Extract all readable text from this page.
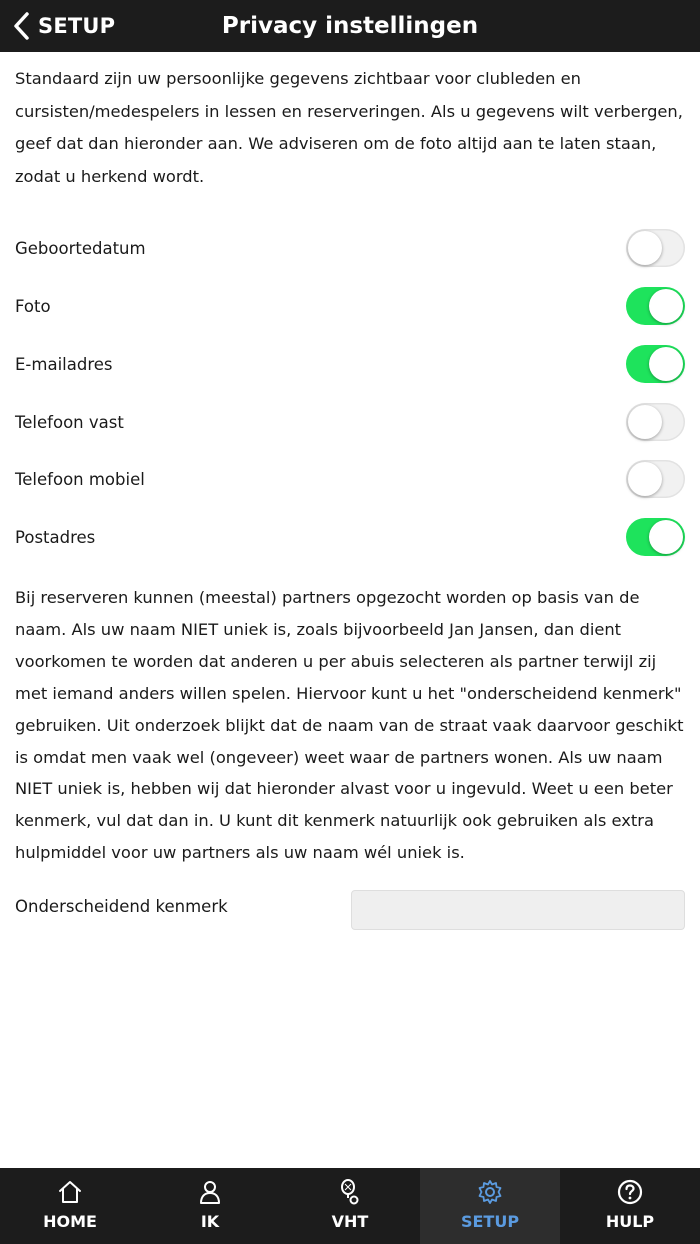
SETUP	Privacy instellingen
Standaard zijn uw persoonlijke gegevens zichtbaar voor clubleden en cursisten/medespelers in lessen en reserveringen. Als u gegevens wilt verbergen, geef dat dan hieronder aan. We adviseren om de foto altijd aan te laten staan, zodat u herkend wordt.
Geboortedatum
Foto
E-mailadres
Telefoon vast
Telefoon mobiel
Postadres
Bij reserveren kunnen (meestal) partners opgezocht worden op basis van de naam. Als uw naam NIET uniek is, zoals bijvoorbeeld Jan Jansen, dan dient voorkomen te worden dat anderen u per abuis selecteren als partner terwijl zij met iemand anders willen spelen. Hiervoor kunt u het "onderscheidend kenmerk" gebruiken. Uit onderzoek blijkt dat de naam van de straat vaak daarvoor geschikt is omdat men vaak wel (ongeveer) weet waar de partners wonen. Als uw naam NIET uniek is, hebben wij dat hieronder alvast voor u ingevuld. Weet u een beter kenmerk, vul dat dan in. U kunt dit kenmerk natuurlijk ook gebruiken als extra hulpmiddel voor uw partners als uw naam wél uniek is.
Onderscheidend kenmerk
HOME	IK	VHT	SETUP	HULP
